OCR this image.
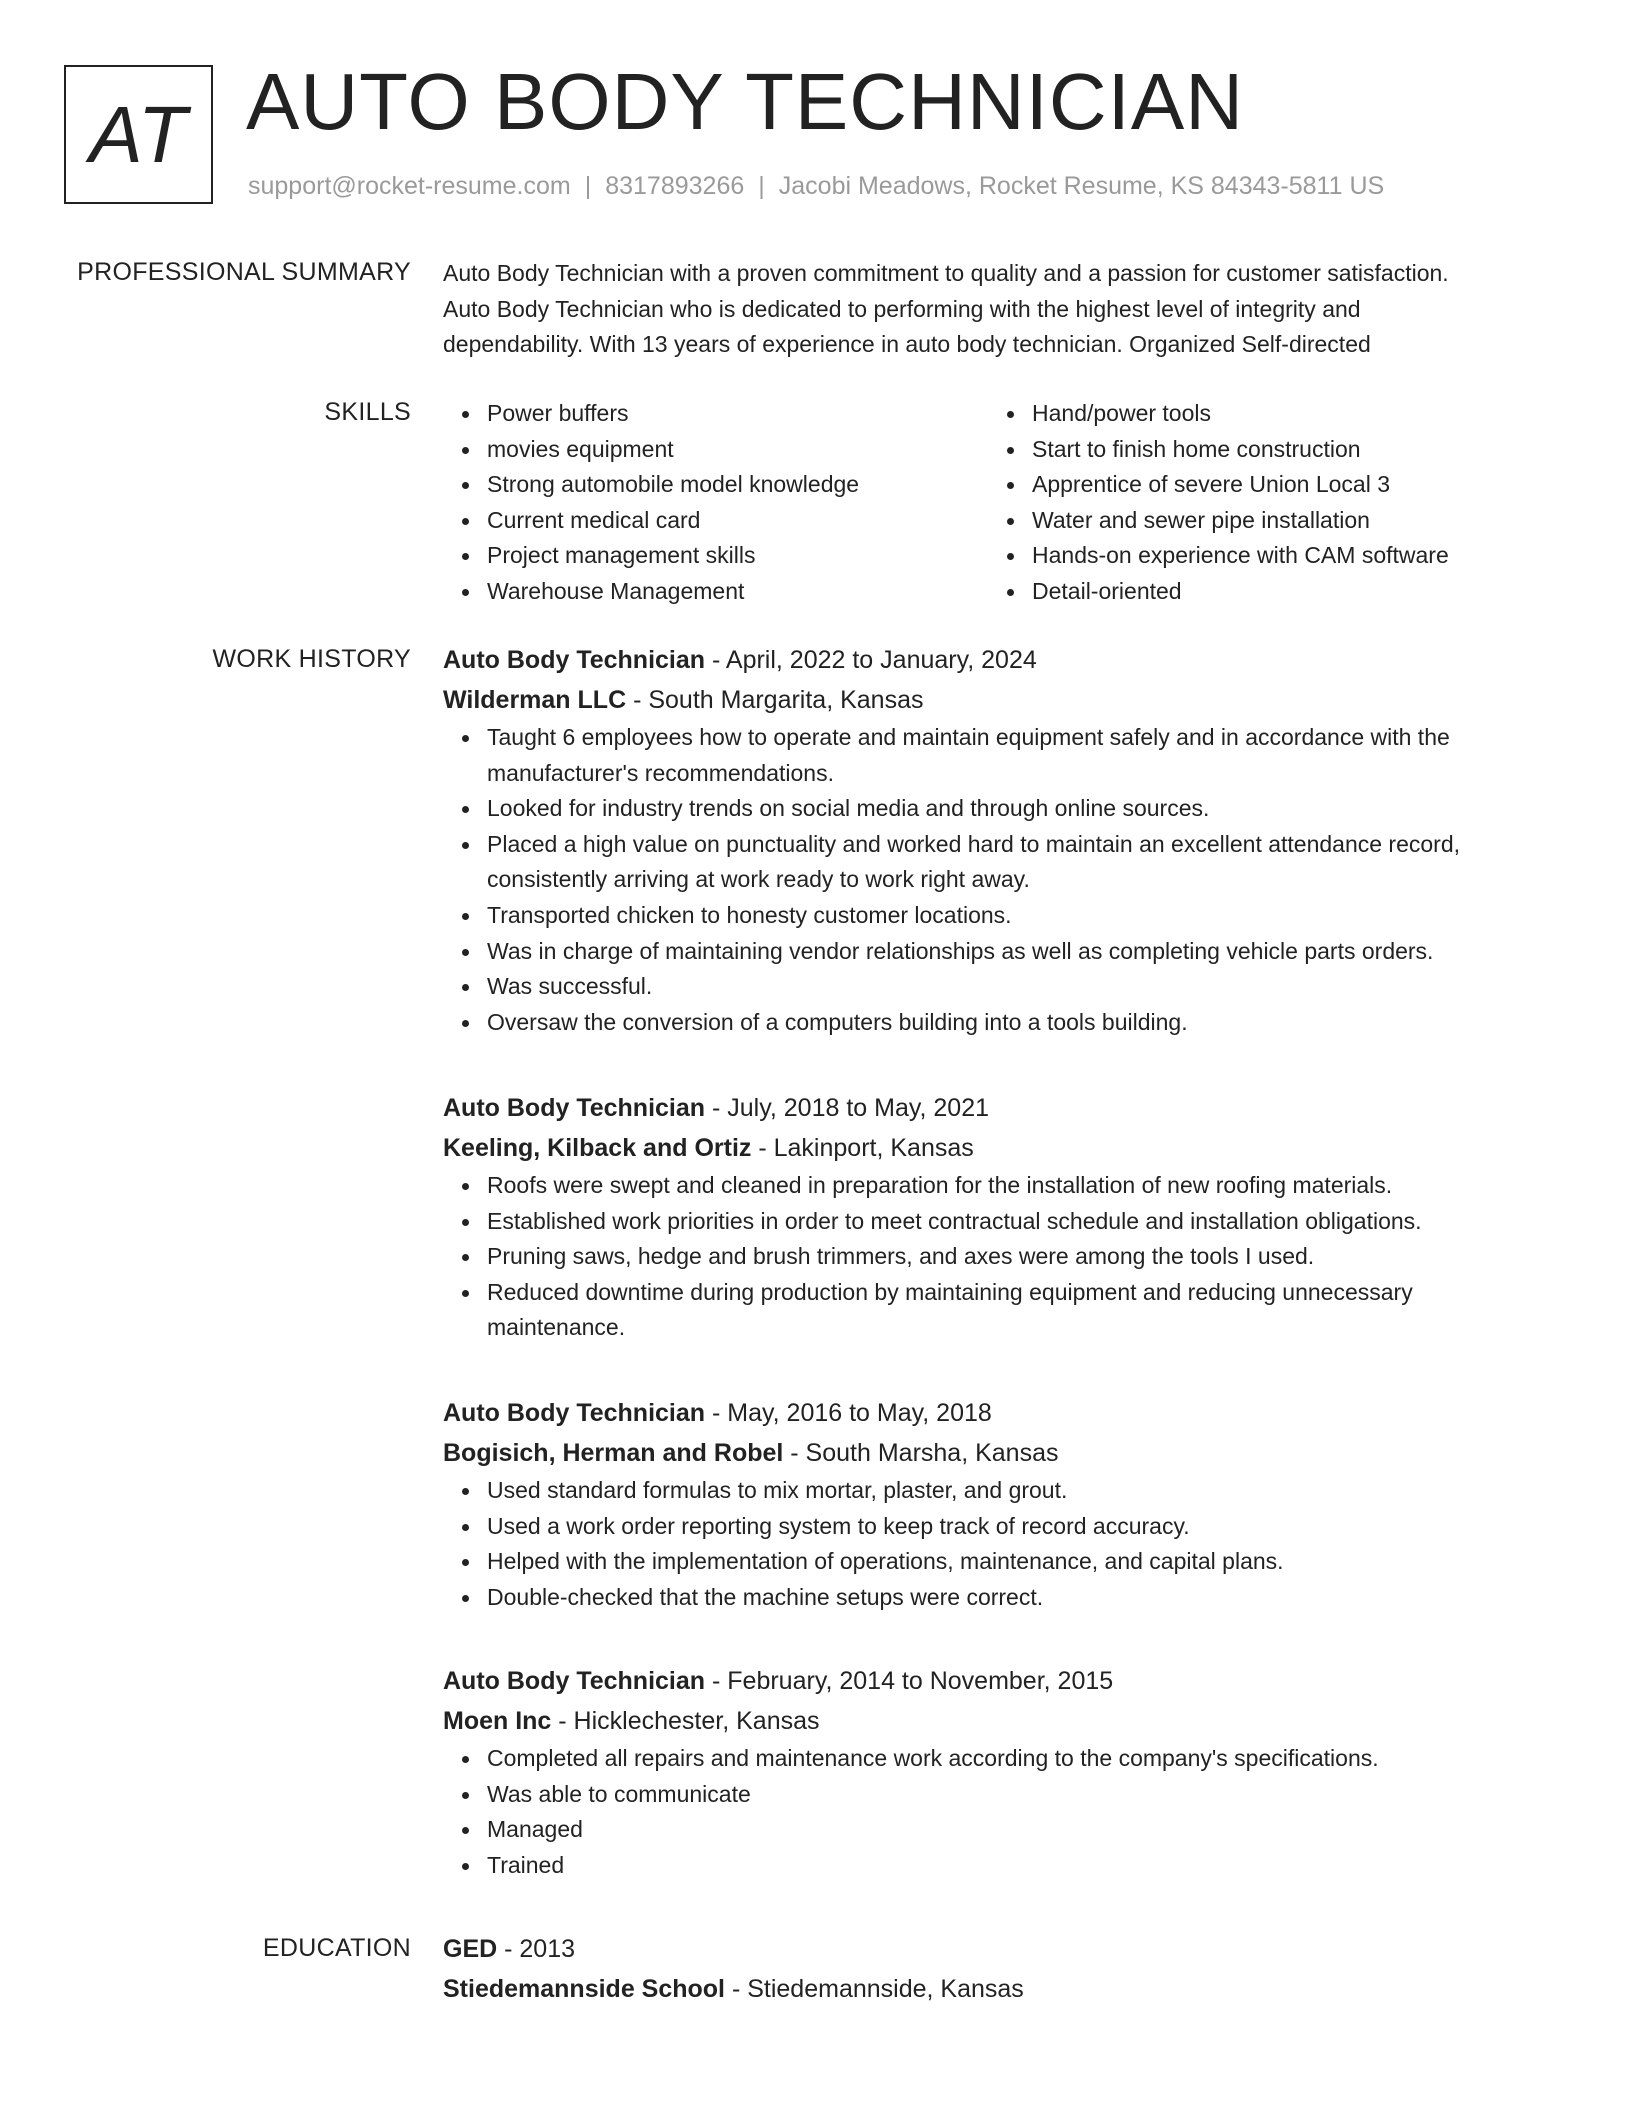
AT AUTO BODY TECHNICIAN
support@rocket-resume.com | 8317893266 | Jacobi Meadows, Rocket Resume, KS 84343-5811 US
PROFESSIONAL SUMMARY Auto Body Technician with a proven commitment to quality and a passion for customer satisfaction.
Auto Body Technician who is dedicated to performing with the highest level of integrity and
dependability. With 13 years of experience in auto body technician. Organized Self-directed
SKILLS	Power buffers
movies equipment
Strong automobile model knowledge
Current medical card
Project management skills
Warehouse Management
Hand/power tools
Start to finish home construction
Apprentice of severe Union Local 3
Water and sewer pipe installation
Hands-on experience with CAM software
Detail-oriented
WORK HISTORY Auto Body Technician - April, 2022 to January, 2024
Wilderman LLC - South Margarita, Kansas
Taught 6 employees how to operate and maintain equipment safely and in accordance with the
manufacturer's recommendations.
Looked for industry trends on social media and through online sources.
Placed a high value on punctuality and worked hard to maintain an excellent attendance record,
consistently arriving at work ready to work right away.
Transported chicken to honesty customer locations.
Was in charge of maintaining vendor relationships as well as completing vehicle parts orders.
Was successful.
Oversaw the conversion of a computers building into a tools building.
Auto Body Technician - July, 2018 to May, 2021
Keeling, Kilback and Ortiz - Lakinport, Kansas
Roofs were swept and cleaned in preparation for the installation of new roofing materials.
Established work priorities in order to meet contractual schedule and installation obligations.
Pruning saws, hedge and brush trimmers, and axes were among the tools I used.
Reduced downtime during production by maintaining equipment and reducing unnecessary
maintenance.
Auto Body Technician - May, 2016 to May, 2018
Bogisich, Herman and Robel - South Marsha, Kansas
Used standard formulas to mix mortar, plaster, and grout.
Used a work order reporting system to keep track of record accuracy.
Helped with the implementation of operations, maintenance, and capital plans.
Double-checked that the machine setups were correct.
Auto Body Technician - February, 2014 to November, 2015
Moen Inc - Hicklechester, Kansas
Completed all repairs and maintenance work according to the company's specifications.
Was able to communicate
Managed
Trained
EDUCATION GED - 2013
Stiedemannside School - Stiedemannside, Kansas
